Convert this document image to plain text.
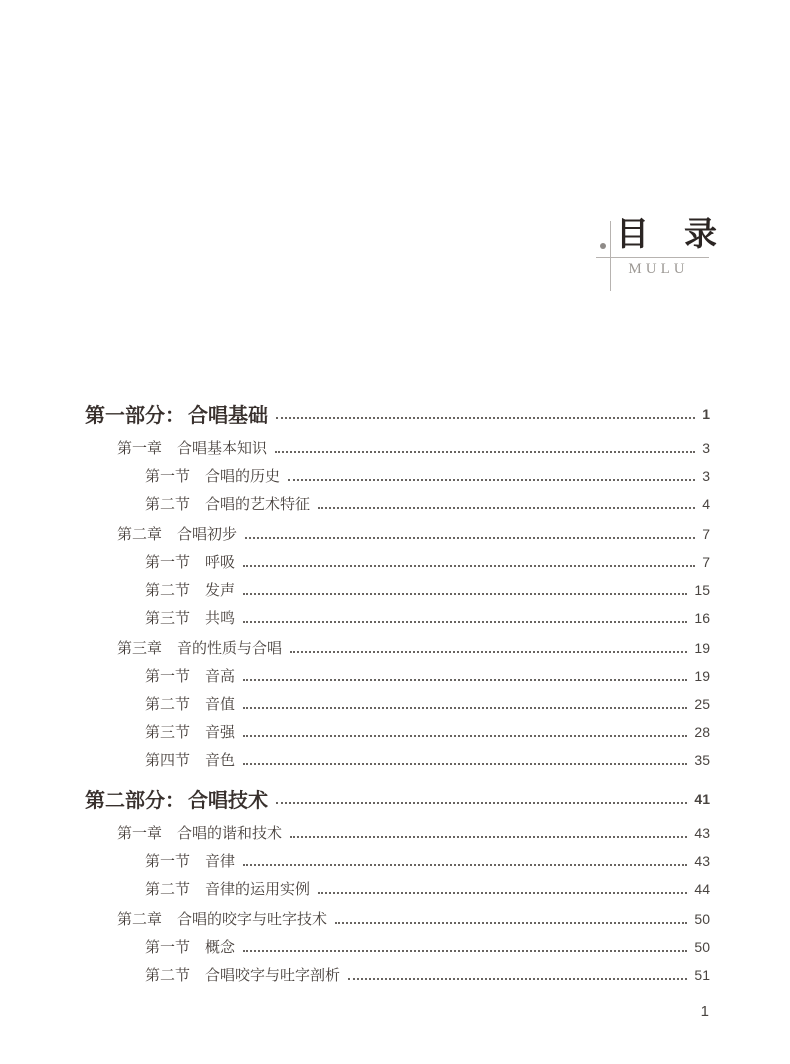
目　录
MULU
第一部分： 合唱基础	1
第一章 合唱基本知识	3
第一节 合唱的历史	3
第二节 合唱的艺术特征	4
第二章 合唱初步	7
第一节 呼吸	7
第二节 发声	15
第三节 共鸣	16
第三章 音的性质与合唱	19
第一节 音高	19
第二节 音值	25
第三节 音强	28
第四节 音色	35
第二部分： 合唱技术	41
第一章 合唱的谐和技术	43
第一节 音律	43
第二节 音律的运用实例	44
第二章 合唱的咬字与吐字技术	50
第一节 概念	50
第二节 合唱咬字与吐字剖析	51
1
